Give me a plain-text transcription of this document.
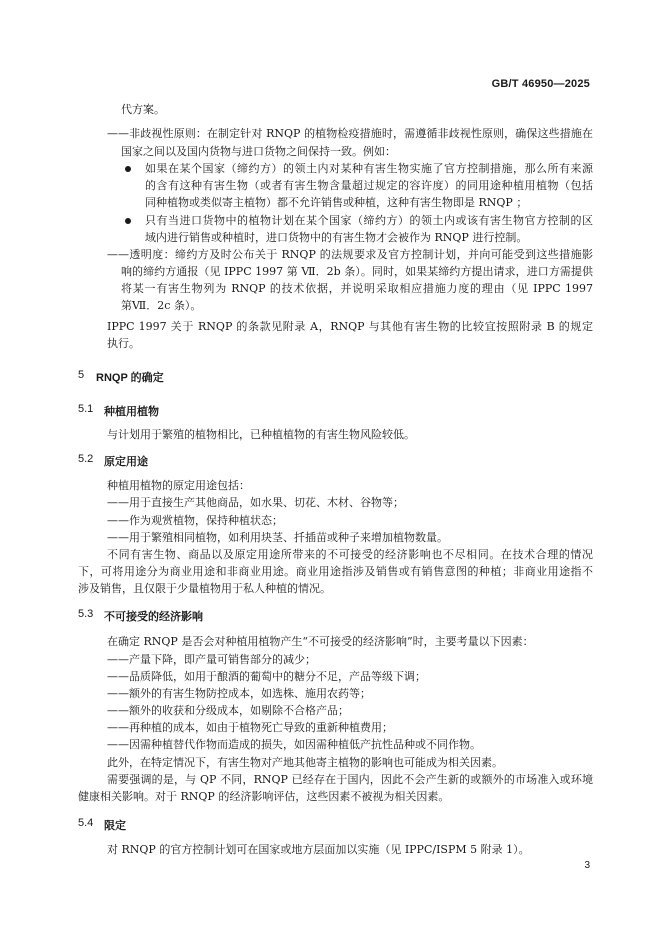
GB/T 46950—2025
代方案。
——非歧视性原则：在制定针对 RNQP 的植物检疫措施时，需遵循非歧视性原则，确保这些措施在
国家之间以及国内货物与进口货物之间保持一致。例如：
如果在某个国家（缔约方）的领土内对某种有害生物实施了官方控制措施，那么所有来源
的含有这种有害生物（或者有害生物含量超过规定的容许度）的同用途种植用植物（包括
同种植物或类似寄主植物）都不允许销售或种植，这种有害生物即是 RNQP ；
只有当进口货物中的植物计划在某个国家（缔约方）的领土内或该有害生物官方控制的区
域内进行销售或种植时，进口货物中的有害生物才会被作为 RNQP 进行控制。
——透明度：缔约方及时公布关于 RNQP 的法规要求及官方控制计划，并向可能受到这些措施影
响的缔约方通报（见 IPPC 1997 第 Ⅶ．2b 条）。同时，如果某缔约方提出请求，进口方需提供
将某一有害生物列为 RNQP 的技术依据，并说明采取相应措施力度的理由（见 IPPC 1997
第Ⅶ．2c 条）。
IPPC 1997 关于 RNQP 的条款见附录 A，RNQP 与其他有害生物的比较宜按照附录 B 的规定
执行。
5 RNQP 的确定
5.1 种植用植物
与计划用于繁殖的植物相比，已种植植物的有害生物风险较低。
5.2 原定用途
种植用植物的原定用途包括：
——用于直接生产其他商品，如水果、切花、木材、谷物等；
——作为观赏植物，保持种植状态；
——用于繁殖相同植物，如利用块茎、扦插苗或种子来增加植物数量。
不同有害生物、商品以及原定用途所带来的不可接受的经济影响也不尽相同。在技术合理的情况
下，可将用途分为商业用途和非商业用途。商业用途指涉及销售或有销售意图的种植；非商业用途指不
涉及销售，且仅限于少量植物用于私人种植的情况。
5.3 不可接受的经济影响
在确定 RNQP 是否会对种植用植物产生“不可接受的经济影响”时，主要考量以下因素：
——产量下降，即产量可销售部分的减少；
——品质降低，如用于酿酒的葡萄中的糖分不足，产品等级下调；
——额外的有害生物防控成本，如选株、施用农药等；
——额外的收获和分级成本，如剔除不合格产品；
——再种植的成本，如由于植物死亡导致的重新种植费用；
——因需种植替代作物而造成的损失，如因需种植低产抗性品种或不同作物。
此外，在特定情况下，有害生物对产地其他寄主植物的影响也可能成为相关因素。
需要强调的是，与 QP 不同，RNQP 已经存在于国内，因此不会产生新的或额外的市场准入或环境
健康相关影响。对于 RNQP 的经济影响评估，这些因素不被视为相关因素。
5.4 限定
对 RNQP 的官方控制计划可在国家或地方层面加以实施（见 IPPC/ISPM 5 附录 1）。
3
